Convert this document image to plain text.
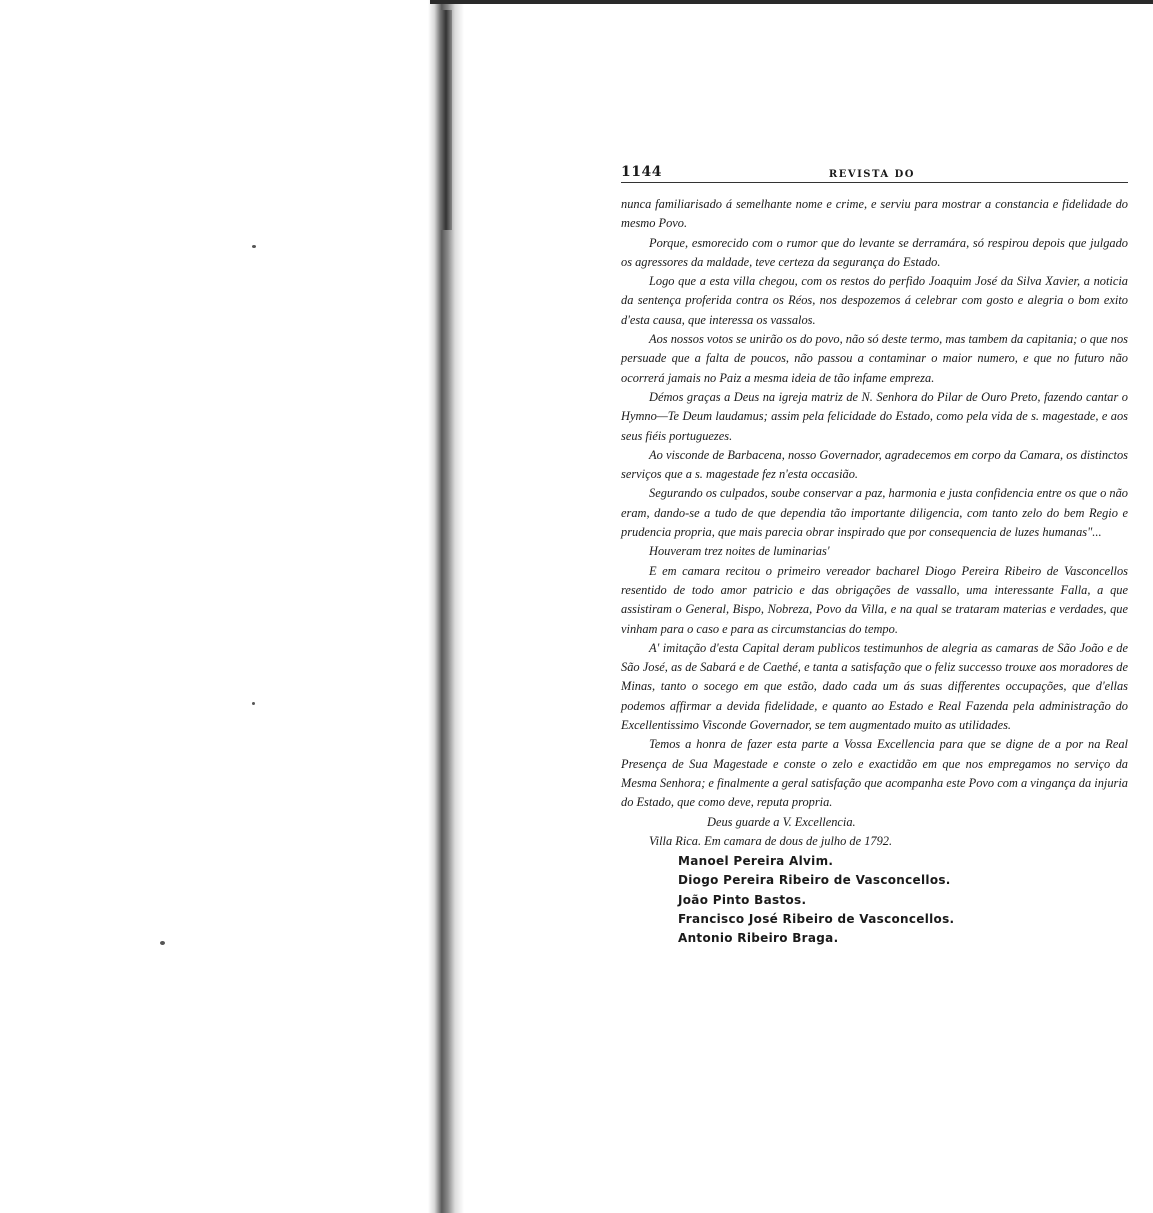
1144	REVISTA DO

nunca familiarisado á semelhante nome e crime, e serviu para mostrar a constancia e fidelidade do mesmo Povo.

Porque, esmorecido com o rumor que do levante se derramára, só respirou depois que julgado os agressores da maldade, teve certeza da segurança do Estado.

Logo que a esta villa chegou, com os restos do perfido Joaquim José da Silva Xavier, a noticia da sentença proferida contra os Réos, nos despozemos á celebrar com gosto e alegria o bom exito d'esta causa, que interessa os vassalos.

Aos nossos votos se unirão os do povo, não só deste termo, mas tambem da capitania; o que nos persuade que a falta de poucos, não passou a contaminar o maior numero, e que no futuro não ocorrerá jamais no Paiz a mesma ideia de tão infame empreza.

Démos graças a Deus na igreja matriz de N. Senhora do Pilar de Ouro Preto, fazendo cantar o Hymno—Te Deum laudamus; assim pela felicidade do Estado, como pela vida de s. magestade, e aos seus fiéis portuguezes.

Ao visconde de Barbacena, nosso Governador, agradecemos em corpo da Camara, os distinctos serviços que a s. magestade fez n'esta occasião.

Segurando os culpados, soube conservar a paz, harmonia e justa confidencia entre os que o não eram, dando-se a tudo de que dependia tão importante diligencia, com tanto zelo do bem Regio e prudencia propria, que mais parecia obrar inspirado que por consequencia de luzes humanas"...

Houveram trez noites de luminarias'

E em camara recitou o primeiro vereador bacharel Diogo Pereira Ribeiro de Vasconcellos resentido de todo amor patricio e das obrigações de vassallo, uma interessante Falla, a que assistiram o General, Bispo, Nobreza, Povo da Villa, e na qual se trataram materias e verdades, que vinham para o caso e para as circumstancias do tempo.

A' imitação d'esta Capital deram publicos testimunhos de alegria as camaras de São João e de São José, as de Sabará e de Caethé, e tanta a satisfação que o feliz successo trouxe aos moradores de Minas, tanto o socego em que estão, dado cada um ás suas differentes occupações, que d'ellas podemos affirmar a devida fidelidade, e quanto ao Estado e Real Fazenda pela administração do Excellentissimo Visconde Governador, se tem augmentado muito as utilidades.

Temos a honra de fazer esta parte a Vossa Excellencia para que se digne de a por na Real Presença de Sua Magestade e conste o zelo e exactidão em que nos empregamos no serviço da Mesma Senhora; e finalmente a geral satisfação que acompanha este Povo com a vingança da injuria do Estado, que como deve, reputa propria.

Deus guarde a V. Excellencia.
Villa Rica. Em camara de dous de julho de 1792.
Manoel Pereira Alvim.
Diogo Pereira Ribeiro de Vasconcellos.
João Pinto Bastos.
Francisco José Ribeiro de Vasconcellos.
Antonio Ribeiro Braga.
